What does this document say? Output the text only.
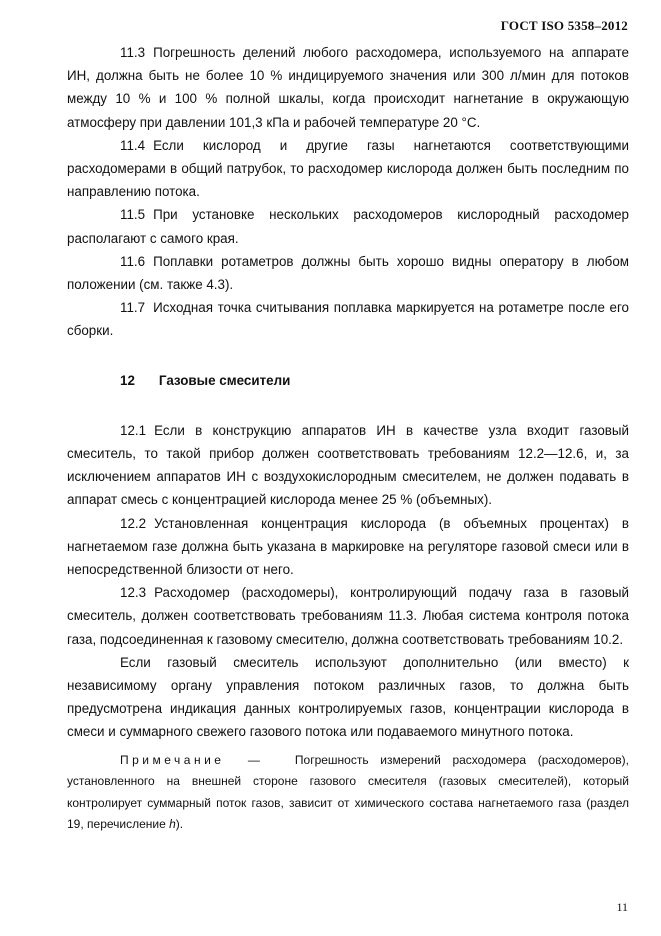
ГОСТ ISO 5358–2012

11.3 Погрешность делений любого расходомера, используемого на аппарате ИН, должна быть не более 10 % индицируемого значения или 300 л/мин для потоков между 10 % и 100 % полной шкалы, когда происходит нагнетание в окружающую атмосферу при давлении 101,3 кПа и рабочей температуре 20 °С.

11.4 Если кислород и другие газы нагнетаются соответствующими расходомерами в общий патрубок, то расходомер кислорода должен быть последним по направлению потока.

11.5 При установке нескольких расходомеров кислородный расходомер располагают с самого края.

11.6 Поплавки ротаметров должны быть хорошо видны оператору в любом положении (см. также 4.3).

11.7 Исходная точка считывания поплавка маркируется на ротаметре после его сборки.

12 Газовые смесители

12.1 Если в конструкцию аппаратов ИН в качестве узла входит газовый смеситель, то такой прибор должен соответствовать требованиям 12.2—12.6, и, за исключением аппаратов ИН с воздухокислородным смесителем, не должен подавать в аппарат смесь с концентрацией кислорода менее 25 % (объемных).

12.2 Установленная концентрация кислорода (в объемных процентах) в нагнетаемом газе должна быть указана в маркировке на регуляторе газовой смеси или в непосредственной близости от него.

12.3 Расходомер (расходомеры), контролирующий подачу газа в газовый смеситель, должен соответствовать требованиям 11.3. Любая система контроля потока газа, подсоединенная к газовому смесителю, должна соответствовать требованиям 10.2.

Если газовый смеситель используют дополнительно (или вместо) к независимому органу управления потоком различных газов, то должна быть предусмотрена индикация данных контролируемых газов, концентрации кислорода в смеси и суммарного свежего газового потока или подаваемого минутного потока.

Примечание —	Погрешность измерений расходомера (расходомеров), установленного на внешней стороне газового смесителя (газовых смесителей), который контролирует суммарный поток газов, зависит от химического состава нагнетаемого газа (раздел 19, перечисление h).

11
